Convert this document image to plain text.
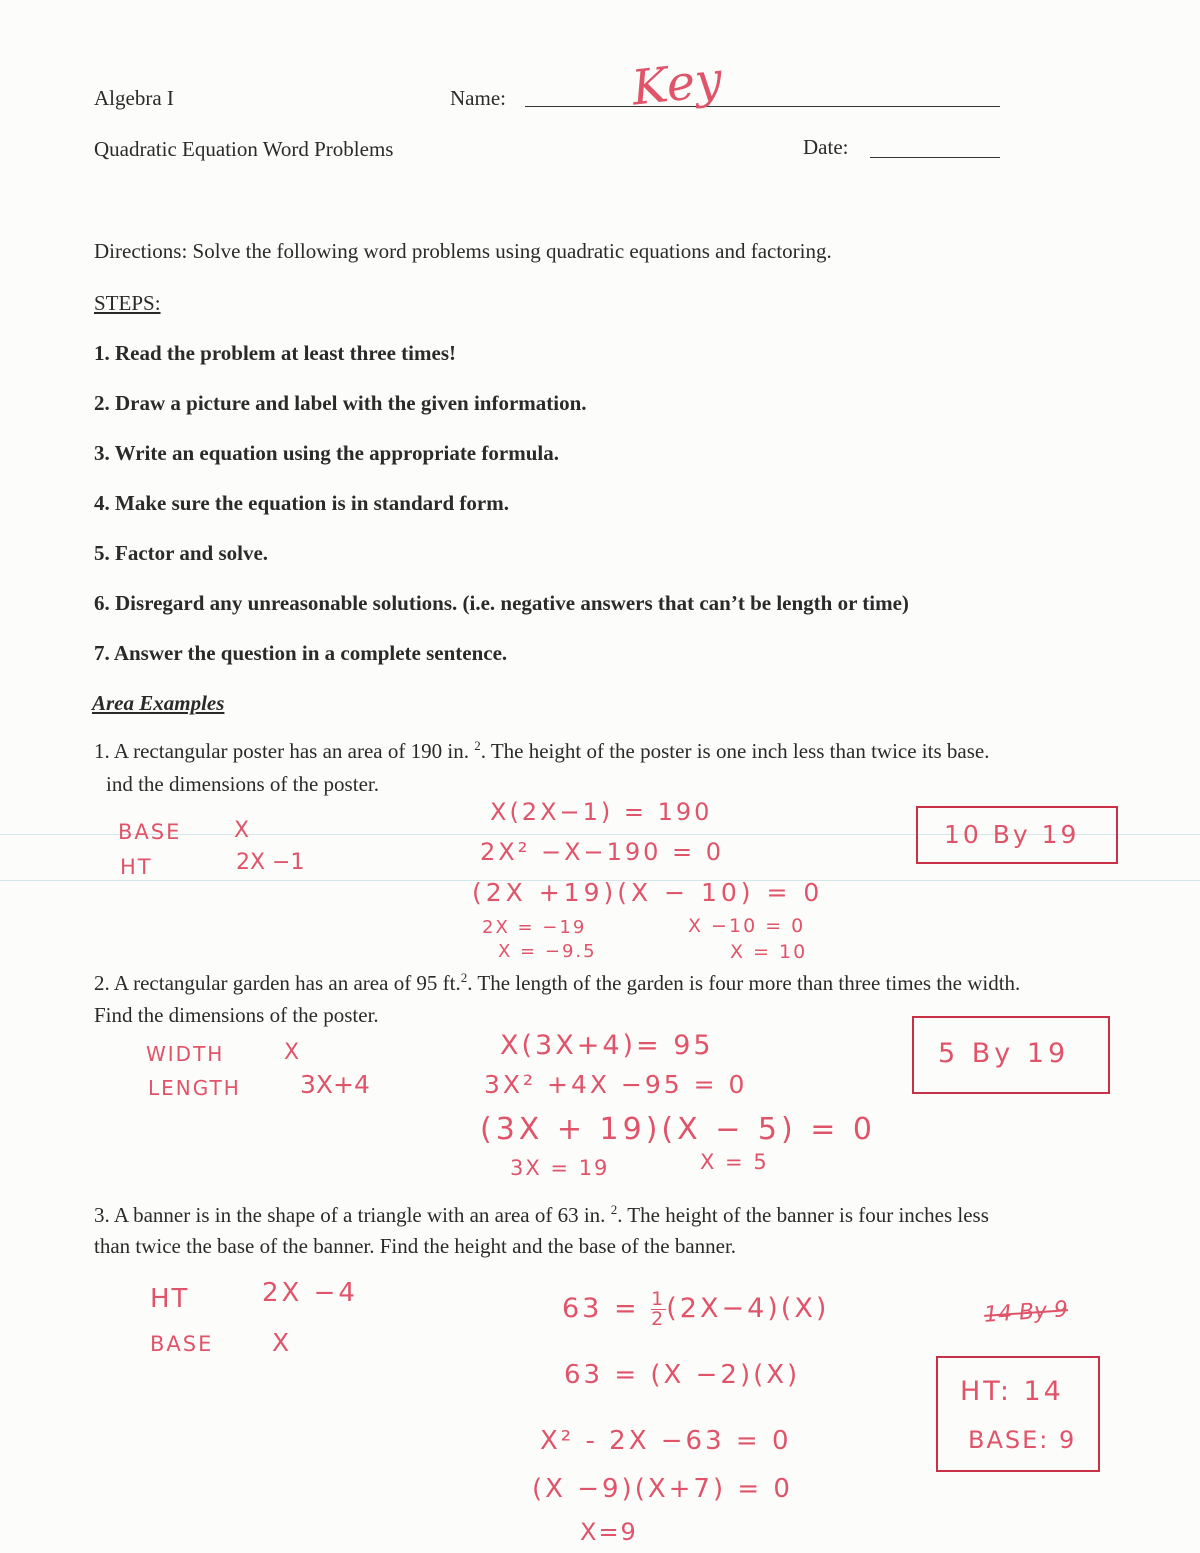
Algebra I	Name:	Key
Quadratic Equation Word Problems	Date:
Directions: Solve the following word problems using quadratic equations and factoring.
STEPS:
1. Read the problem at least three times!
2. Draw a picture and label with the given information.
3. Write an equation using the appropriate formula.
4. Make sure the equation is in standard form.
5. Factor and solve.
6. Disregard any unreasonable solutions. (i.e. negative answers that can’t be length or time)
7. Answer the question in a complete sentence.
Area Examples
1. A rectangular poster has an area of 190 in. $^2$. The height of the poster is one inch less than twice its base.
ind the dimensions of the poster.
BASE X
HT	2X −1
X(2X−1) = 190
2X² −X−190 = 0
(2X +19)(X − 10) = 0
2X = −19
X = −9.5
X −10 = 0
X = 10
10 By 19
2. A rectangular garden has an area of 95 ft.$^2$. The length of the garden is four more than three times the width.
Find the dimensions of the poster.
WIDTH	X
LENGTH 3X+4
X(3X+4)= 95
3X² +4X −95 = 0
(3X + 19)(X − 5) = 0
3X = 19	X = 5
5 By 19
3. A banner is in the shape of a triangle with an area of 63 in. $^2$. The height of the banner is four inches less
than twice the base of the banner. Find the height and the base of the banner.
HT	2X −4
BASE X
$63 = \frac{1}{2} (2X-4)(X)$
63 = (X −2)(X)
X² - 2X −63 = 0
(X −9)(X+7) = 0
X=9
14 By 9
HT: 14
BASE: 9
